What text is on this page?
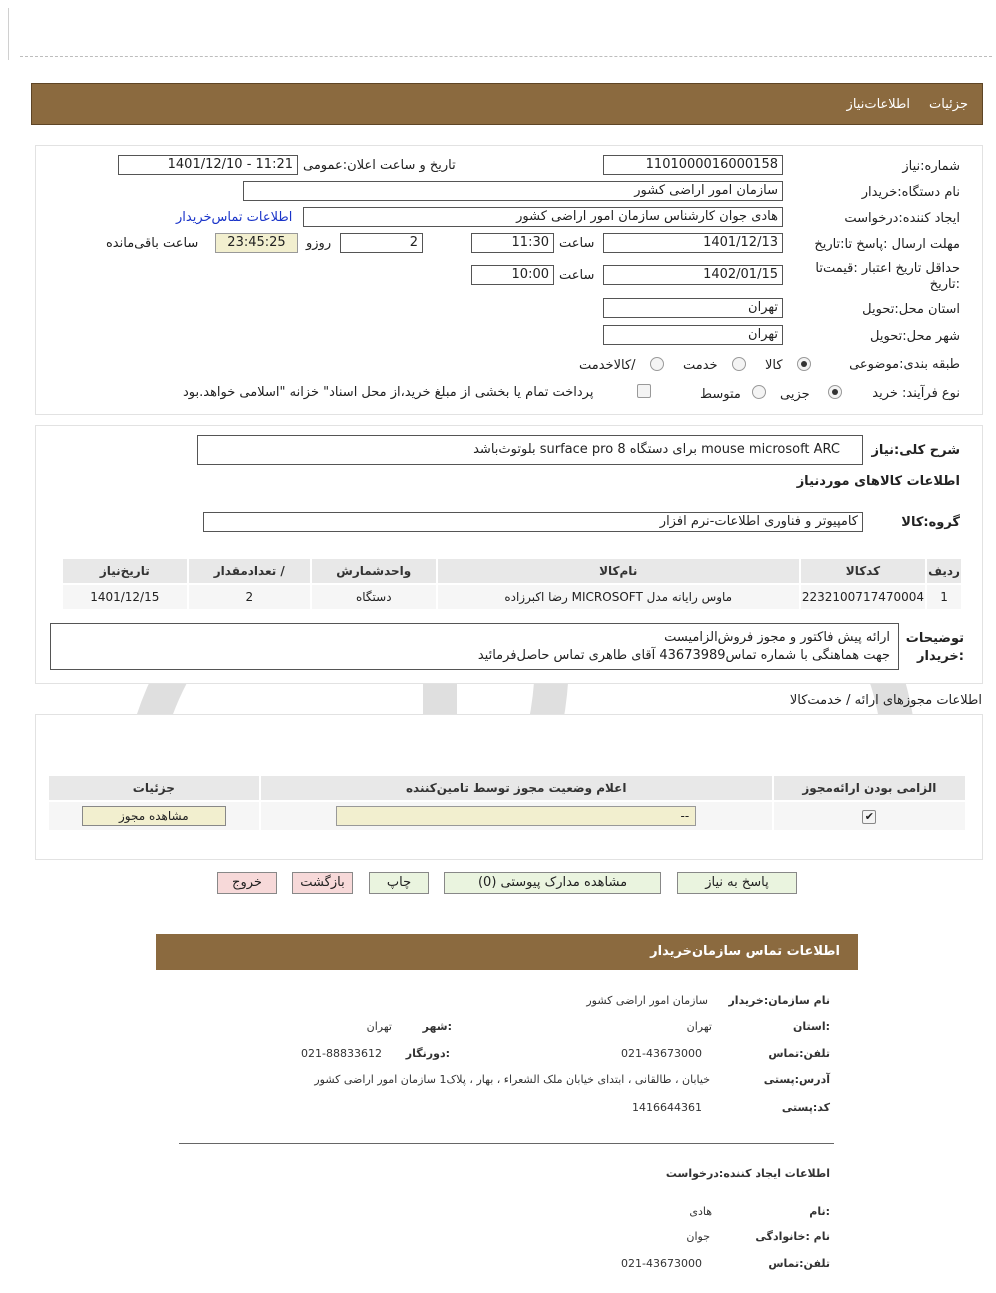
جزئیات
اطلاعات‌نیاز
شماره:نیاز
1101000016000158
تاریخ و ساعت اعلان:عمومی
1401/12/10 - 11:21
نام دستگاه:خریدار
سازمان امور اراضی کشور
ایجاد کننده:درخواست
هادی جوان کارشناس سازمان امور اراضی کشور
اطلاعات تماس‌خریدار
مهلت ارسال :پاسخ تا:تاریخ
1401/12/13
ساعت
11:30
2
روزو
23:45:25
ساعت باقی‌مانده
حداقل تاریخ اعتبار :قیمت‌تا :تاریخ
1402/01/15
ساعت
10:00
استان محل:تحویل
تهران
شهر محل:تحویل
تهران
طبقه بندی:موضوعی
کالا
خدمت
/کالاخدمت
نوع فرآیند: خرید
جزیی
متوسط
پرداخت تمام یا بخشی از مبلغ خرید،از محل اسناد" خزانه "اسلامی خواهد.بود
شرح کلی:نیاز
mouse microsoft ARC برای دستگاه surface pro 8 بلوتوث‌باشد
اطلاعات کالاهای موردنیاز
گروه:کالا
کامپیوتر و فناوری اطلاعات-نرم افزار
ردیف	کدکالا	نام‌کالا	واحدشمارش	/ تعدادمقدار	تاریخ‌نیاز
1	2232100717470004	ماوس رایانه مدل MICROSOFT رضا اکبرزاده	دستگاه	2	1401/12/15
توضیحات :خریدار
ارائه پیش فاکتور و مجوز فروش‌الزامیست
جهت هماهنگی با شماره تماس43673989 آقای طاهری تماس حاصل‌فرمائید
اطلاعات مجوزهای ارائه / خدمت‌کالا
الزامی بودن ارائه‌مجوز	اعلام وضعیت مجوز توسط تامین‌کننده	جزئیات
✔	--	مشاهده مجوز
پاسخ به نیاز
مشاهده مدارک پیوستی (0)
چاپ
بازگشت
خروج
اطلاعات تماس سازمان‌خریدار
نام سازمان:خریدار
سازمان امور اراضی کشور
:استان
تهران
:شهر
تهران
تلفن:تماس
021-43673000
:دورنگار
021-88833612
آدرس:پستی
خیابان ، طالقانی ، ابتدای خیابان ملک الشعراء ، بهار ، پلاک1 سازمان امور اراضی کشور
کد:پستی
1416644361
اطلاعات ایجاد کننده:درخواست
:نام
هادی
نام :خانوادگی
جوان
تلفن:تماس
021-43673000
